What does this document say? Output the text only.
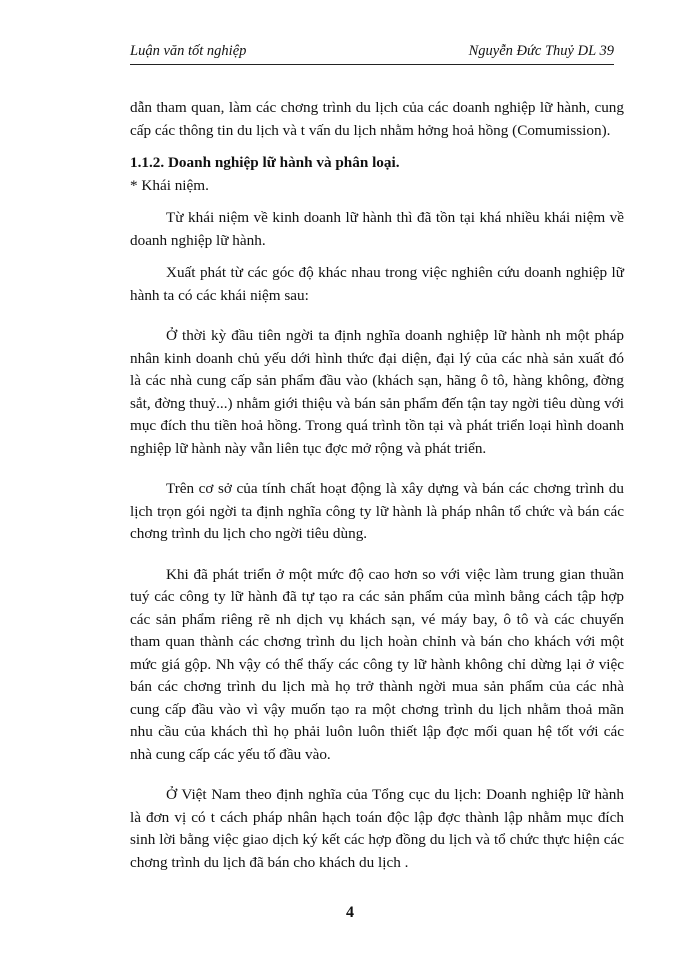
Luận văn tốt nghiệp	Nguyễn Đức Thuỷ DL 39

dẫn tham quan, làm các chơng trình du lịch của các doanh nghiệp lữ hành, cung cấp các thông tin du lịch và t vấn du lịch nhằm hởng hoả hồng (Comumission).

1.1.2. Doanh nghiệp lữ hành và phân loại.

* Khái niệm.

Từ khái niệm về kinh doanh lữ hành thì đã tồn tại khá nhiều khái niệm về doanh nghiệp lữ hành.

Xuất phát từ các góc độ khác nhau trong việc nghiên cứu doanh nghiệp lữ hành ta có các khái niệm sau:

Ở thời kỳ đầu tiên ngời ta định nghĩa doanh nghiệp lữ hành nh một pháp nhân kinh doanh chủ yếu dới hình thức đại diện, đại lý của các nhà sản xuất đó là các nhà cung cấp sản phẩm đầu vào (khách sạn, hãng ô tô, hàng không, đờng sắt, đờng thuỷ...) nhằm giới thiệu và bán sản phẩm đến tận tay ngời tiêu dùng với mục đích thu tiền hoả hồng. Trong quá trình tồn tại và phát triển loại hình doanh nghiệp lữ hành này vẫn liên tục đợc mở rộng và phát triển.

Trên cơ sở của tính chất hoạt động là xây dựng và bán các chơng trình du lịch trọn gói ngời ta định nghĩa công ty lữ hành là pháp nhân tổ chức và bán các chơng trình du lịch cho ngời tiêu dùng.

Khi đã phát triển ở một mức độ cao hơn so với việc làm trung gian thuần tuý các công ty lữ hành đã tự tạo ra các sản phẩm của mình bằng cách tập hợp các sản phẩm riêng rẽ nh dịch vụ khách sạn, vé máy bay, ô tô và các chuyến tham quan thành các chơng trình du lịch hoàn chỉnh và bán cho khách với một mức giá gộp. Nh vậy có thể thấy các công ty lữ hành không chỉ dừng lại ở việc bán các chơng trình du lịch mà họ trở thành ngời mua sản phẩm của các nhà cung cấp đầu vào vì vậy muốn tạo ra một chơng trình du lịch nhằm thoả mãn nhu cầu của khách thì họ phải luôn luôn thiết lập đợc mối quan hệ tốt với các nhà cung cấp các yếu tố đầu vào.

Ở Việt Nam theo định nghĩa của Tổng cục du lịch: Doanh nghiệp lữ hành là đơn vị có t cách pháp nhân hạch toán độc lập đợc thành lập nhằm mục đích sinh lời bằng việc giao dịch ký kết các hợp đồng du lịch và tổ chức thực hiện các chơng trình du lịch đã bán cho khách du lịch .

4
